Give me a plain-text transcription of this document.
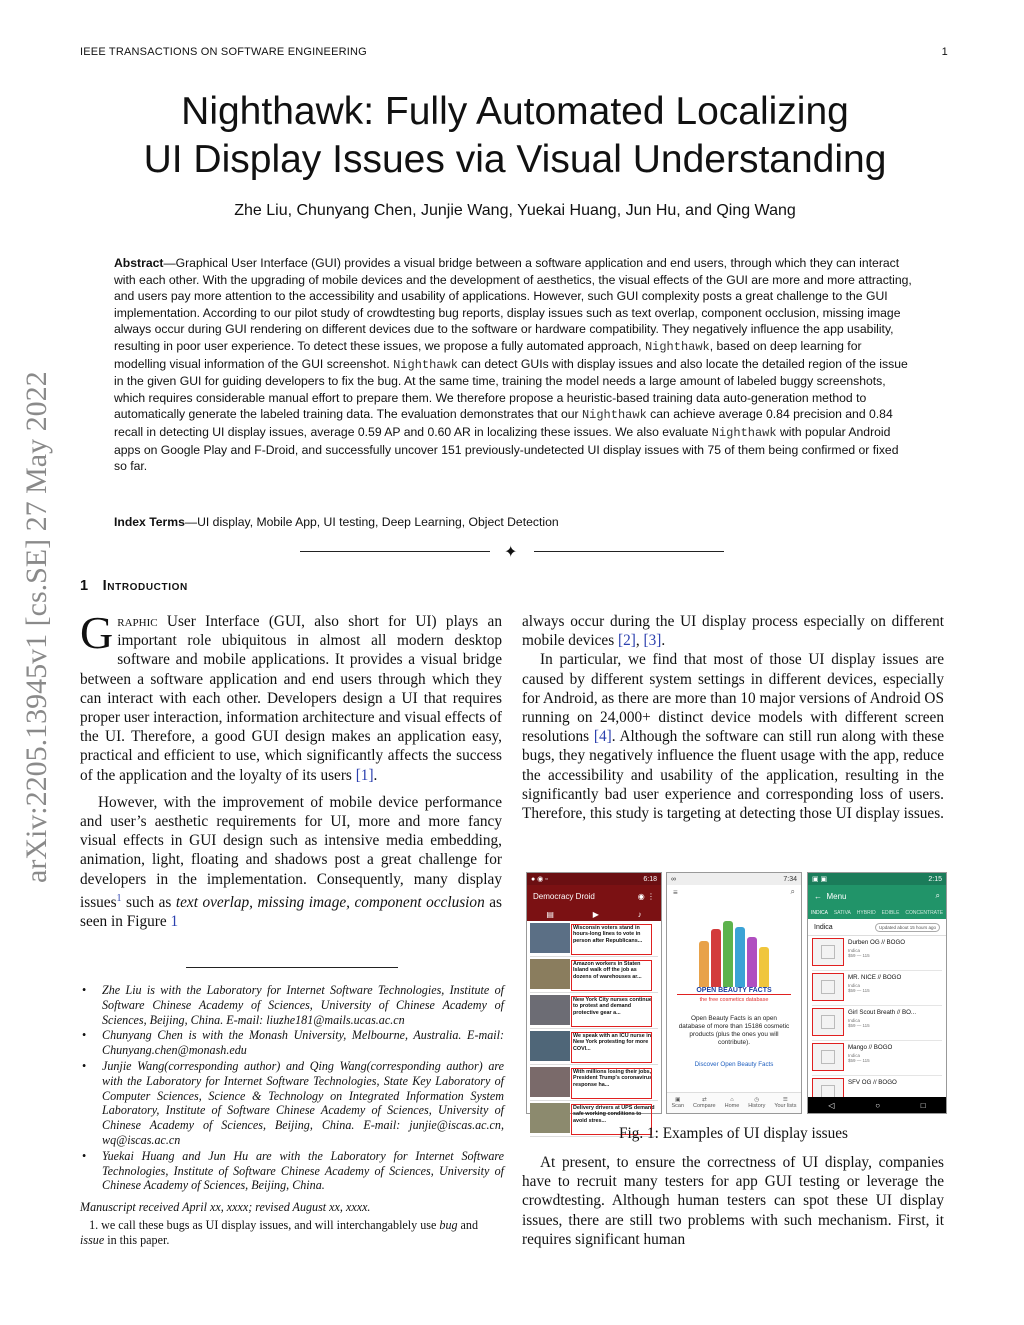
IEEE TRANSACTIONS ON SOFTWARE ENGINEERING	1
arXiv:2205.13945v1 [cs.SE] 27 May 2022
Nighthawk: Fully Automated Localizing
UI Display Issues via Visual Understanding
Zhe Liu, Chunyang Chen, Junjie Wang, Yuekai Huang, Jun Hu, and Qing Wang
Abstract—Graphical User Interface (GUI) provides a visual bridge between a software application and end users, through which they can interact with each other. With the upgrading of mobile devices and the development of aesthetics, the visual effects of the GUI are more and more attracting, and users pay more attention to the accessibility and usability of applications. However, such GUI complexity posts a great challenge to the GUI implementation. According to our pilot study of crowdtesting bug reports, display issues such as text overlap, component occlusion, missing image always occur during GUI rendering on different devices due to the software or hardware compatibility. They negatively influence the app usability, resulting in poor user experience. To detect these issues, we propose a fully automated approach, Nighthawk, based on deep learning for modelling visual information of the GUI screenshot. Nighthawk can detect GUIs with display issues and also locate the detailed region of the issue in the given GUI for guiding developers to fix the bug. At the same time, training the model needs a large amount of labeled buggy screenshots, which requires considerable manual effort to prepare them. We therefore propose a heuristic-based training data auto-generation method to automatically generate the labeled training data. The evaluation demonstrates that our Nighthawk can achieve average 0.84 precision and 0.84 recall in detecting UI display issues, average 0.59 AP and 0.60 AR in localizing these issues. We also evaluate Nighthawk with popular Android apps on Google Play and F-Droid, and successfully uncover 151 previously-undetected UI display issues with 75 of them being confirmed or fixed so far.
Index Terms—UI display, Mobile App, UI testing, Deep Learning, Object Detection
✦
1 Introduction

Graphic User Interface (GUI, also short for UI) plays an important role ubiquitous in almost all modern desktop software and mobile applications. It provides a visual bridge between a software application and end users through which they can interact with each other. Developers design a UI that requires proper user interaction, information architecture and visual effects of the UI. Therefore, a good GUI design makes an application easy, practical and efficient to use, which significantly affects the success of the application and the loyalty of its users [1].

However, with the improvement of mobile device performance and user’s aesthetic requirements for UI, more and more fancy visual effects in GUI design such as intensive media embedding, animation, light, floating and shadows post a great challenge for developers in the implementation. Consequently, many display issues$^1$ such as text overlap, missing image, component occlusion as seen in Figure 1

• Zhe Liu is with the Laboratory for Internet Software Technologies, Institute of Software Chinese Academy of Sciences, University of Chinese Academy of Sciences, Beijing, China. E-mail: liuzhe181@mails.ucas.ac.cn
• Chunyang Chen is with the Monash University, Melbourne, Australia. E-mail: Chunyang.chen@monash.edu
• Junjie Wang(corresponding author) and Qing Wang(corresponding author) are with the Laboratory for Internet Software Technologies, State Key Laboratory of Computer Sciences, Science & Technology on Integrated Information System Laboratory, Institute of Software Chinese Academy of Sciences, University of Chinese Academy of Sciences, Beijing, China. E-mail: junjie@iscas.ac.cn, wq@iscas.ac.cn
• Yuekai Huang and Jun Hu are with the Laboratory for Internet Software Technologies, Institute of Software Chinese Academy of Sciences, University of Chinese Academy of Sciences, Beijing, China.
Manuscript received April xx, xxxx; revised August xx, xxxx.
1. we call these bugs as UI display issues, and will interchangablely use bug and issue in this paper.

always occur during the UI display process especially on different mobile devices [2], [3].

In particular, we find that most of those UI display issues are caused by different system settings in different devices, especially for Android, as there are more than 10 major versions of Android OS running on 24,000+ distinct device models with different screen resolutions [4]. Although the software can still run along with these bugs, they negatively influence the fluent usage with the app, reduce the accessibility and usability of the application, resulting in the significantly bad user experience and corresponding loss of users. Therefore, this study is targeting at detecting those UI display issues.

● ◉ ▫	6:18
Democracy Droid	◉ ⋮
▤	▶	♪
Wisconsin voters stand in hours-long lines to vote in person after Republicans...
Amazon workers in Staten Island walk off the job as dozens of warehouses ar...
New York City nurses continue to protest and demand protective gear a...
We speak with an ICU nurse in New York protesting for more COVI...
With millions losing their jobs, President Trump's coronavirus response ha...
Delivery drivers at UPS demand safe working conditions to avoid stres...
∞	7:34
≡	⌕
OPEN BEAUTY FACTS
the free cosmetics database
Open Beauty Facts is an open database of more than 15186 cosmetic products (plus the ones you will contribute).
Discover Open Beauty Facts
▣
Scan
⇄
Compare
⌂
Home
◷
History
☰
Your lists
▣ ▣	2:15
← Menu	⌕
INDICA SATIVA HYBRID EDIBLE CONCENTRATE
Indica	Updated about 15 hours ago
Durben OG // BOGO
Indica
$59 — 115
MR. NICE // BOGO
Indica
$59 — 115
Girl Scout Breath // BO...
Indica
$59 — 115
Mango // BOGO
Indica
$59 — 115
SFV OG // BOGO
◁	○	□
Fig. 1: Examples of UI display issues

At present, to ensure the correctness of UI display, companies have to recruit many testers for app GUI testing or leverage the crowdtesting. Although human testers can spot these UI display issues, there are still two problems with such mechanism. First, it requires significant human
